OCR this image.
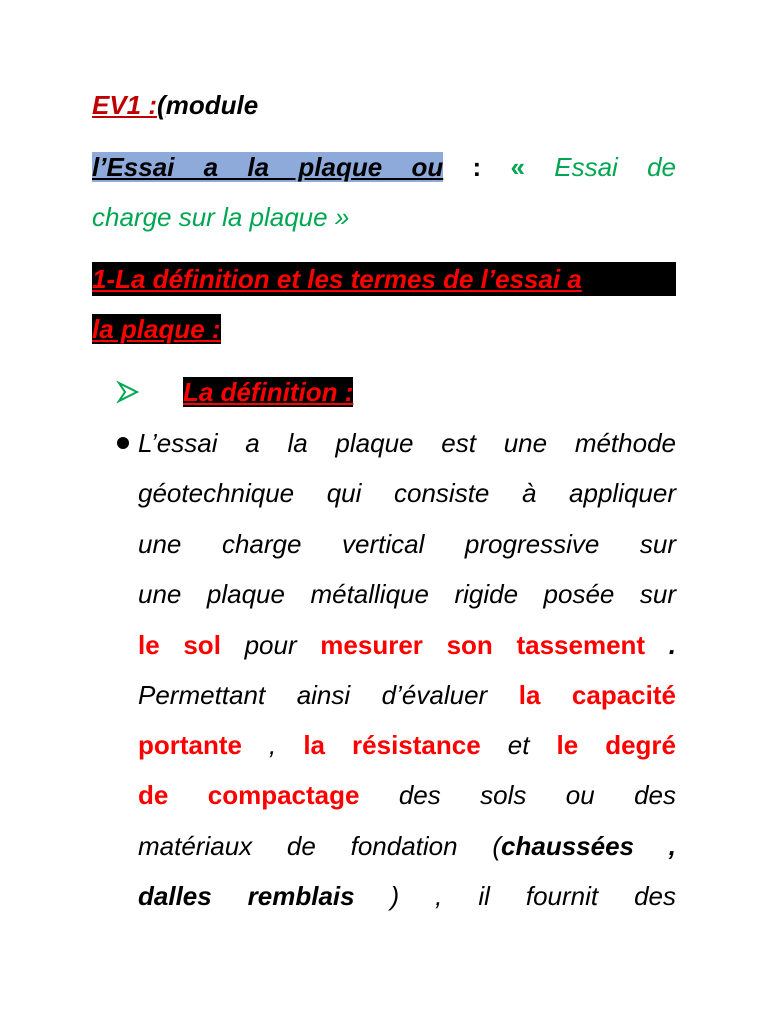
EV1 :(module
l’Essai a la plaque ou : « Essai de
charge sur la plaque »
1-La définition et les termes de l’essai a
la plaque :
La définition :
L’essai a la plaque est une méthode
géotechnique qui consiste à appliquer
une charge vertical progressive sur
une plaque métallique rigide posée sur
le sol pour mesurer son tassement .
Permettant ainsi d’évaluer la capacité
portante , la résistance et le degré
de compactage des sols ou des
matériaux de fondation (chaussées ,
dalles remblais ) , il fournit des
